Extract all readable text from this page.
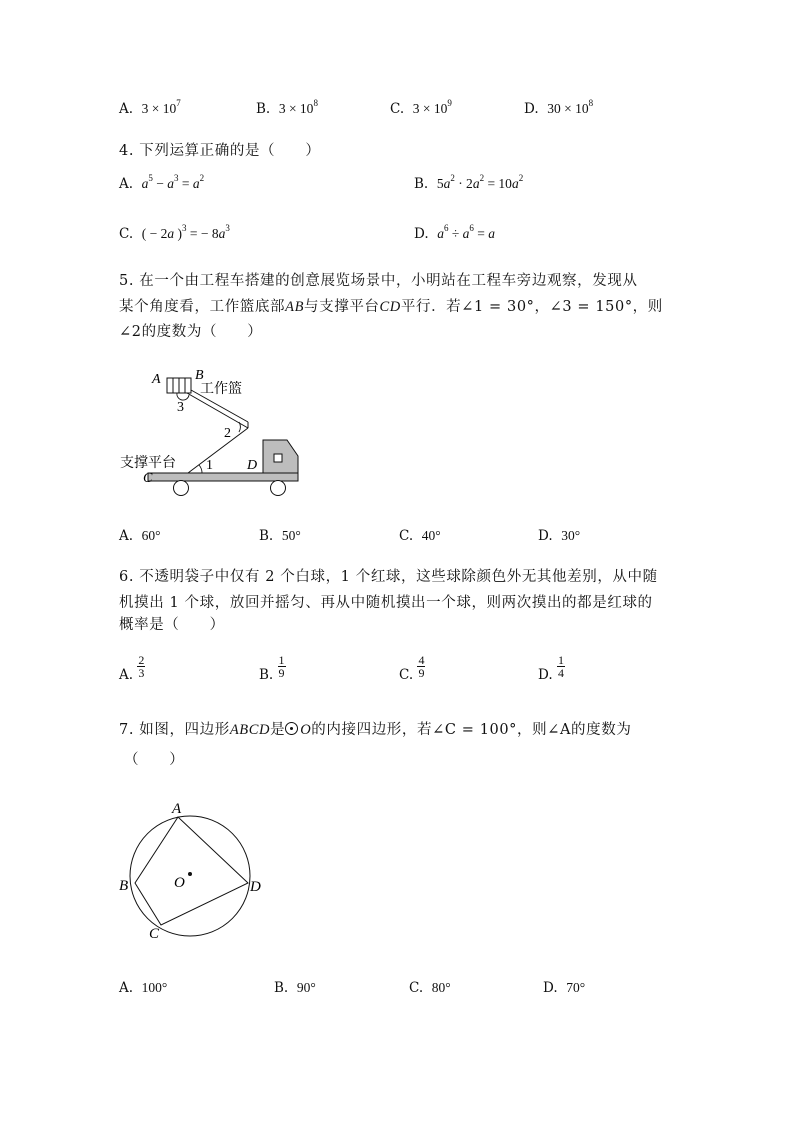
A. $3 \times 10^7$	B. $3 \times 10^8$	C. $3 \times 10^9$	D. $30 \times 10^8$
4. 下列运算正确的是（　　）
A. $a^5 - a^3 = a^2$	B. $5a^2 \cdot 2a^2 = 10a^2$
C. ( − 2a )$^3$ = − $8a^3$	D. $a^6 \div a^6 = a$
5. 在一个由工程车搭建的创意展览场景中，小明站在工程车旁边观察，发现从
某个角度看，工作篮底部AB与支撑平台CD平行．若∠1 = 30°，∠3 = 150°，则
∠2的度数为（　　）
A B
3
工作篮
2
1 D
支撑平台
C
A. 60°	B. 50°	C. 40°	D. 30°
6. 不透明袋子中仅有 2 个白球，1 个红球，这些球除颜色外无其他差别，从中随
机摸出 1 个球，放回并摇匀、再从中随机摸出一个球，则两次摸出的都是红球的
概率是（　　）
A. $\frac{2}{3}$	B. $\frac{1}{9}$	C. $\frac{4}{9}$	D. $\frac{1}{4}$
7. 如图，四边形ABCD是 O的内接四边形，若∠C = 100°，则∠A的度数为
（　　）
A
B
C
D
O
A. 100°	B. 90°	C. 80°	D. 70°
